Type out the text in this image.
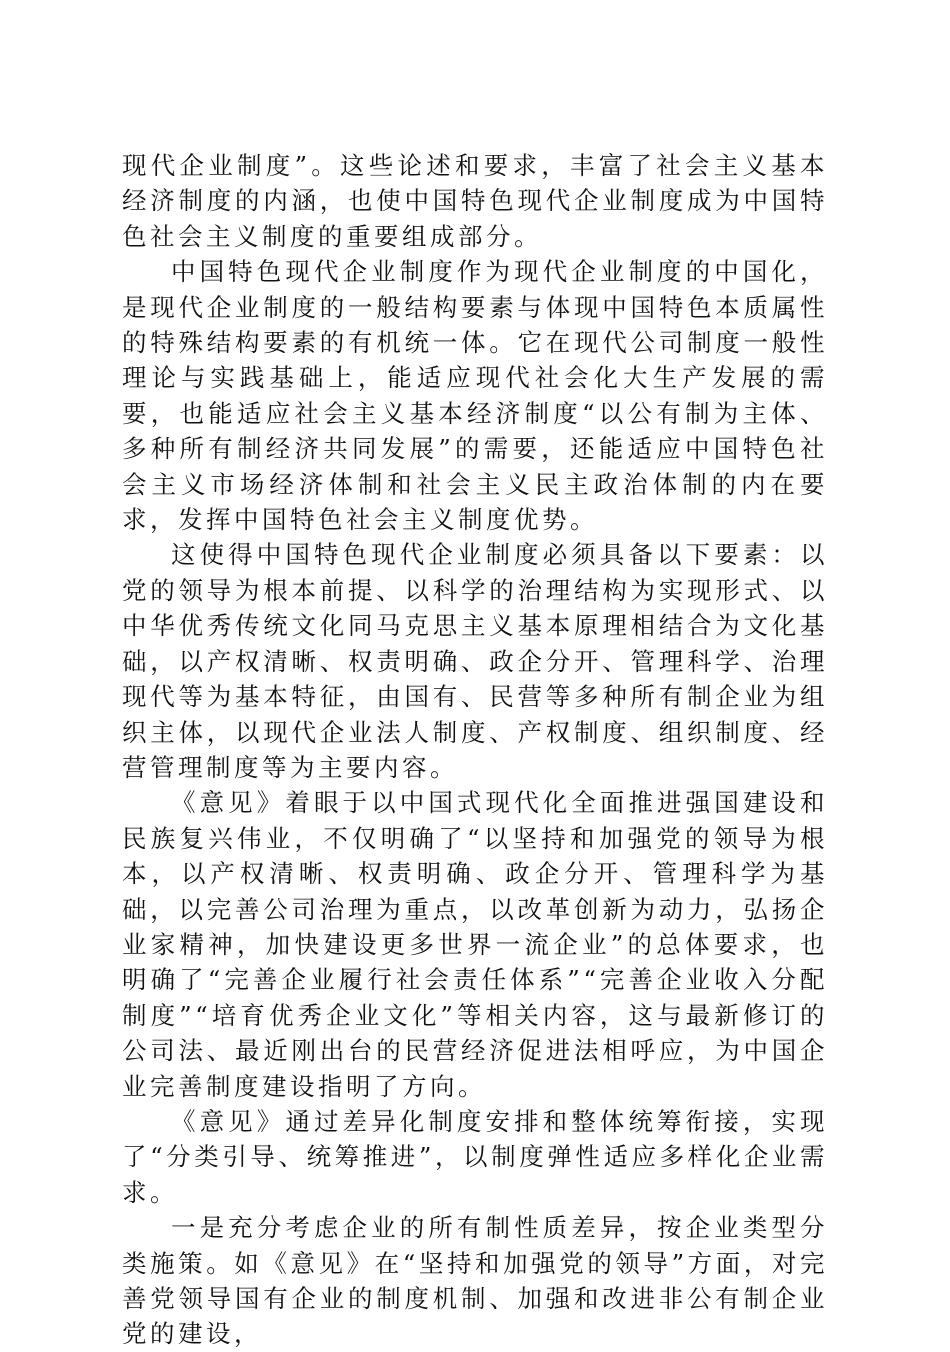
现代企业制度”。这些论述和要求，丰富了社会主义基本经济制度的内涵，也使中国特色现代企业制度成为中国特色社会主义制度的重要组成部分。

中国特色现代企业制度作为现代企业制度的中国化，是现代企业制度的一般结构要素与体现中国特色本质属性的特殊结构要素的有机统一体。它在现代公司制度一般性理论与实践基础上，能适应现代社会化大生产发展的需要，也能适应社会主义基本经济制度“以公有制为主体、多种所有制经济共同发展”的需要，还能适应中国特色社会主义市场经济体制和社会主义民主政治体制的内在要求，发挥中国特色社会主义制度优势。

这使得中国特色现代企业制度必须具备以下要素：以党的领导为根本前提、以科学的治理结构为实现形式、以中华优秀传统文化同马克思主义基本原理相结合为文化基础，以产权清晰、权责明确、政企分开、管理科学、治理现代等为基本特征，由国有、民营等多种所有制企业为组织主体，以现代企业法人制度、产权制度、组织制度、经营管理制度等为主要内容。

《意见》着眼于以中国式现代化全面推进强国建设和民族复兴伟业，不仅明确了“以坚持和加强党的领导为根本，以产权清晰、权责明确、政企分开、管理科学为基础，以完善公司治理为重点，以改革创新为动力，弘扬企业家精神，加快建设更多世界一流企业”的总体要求，也明确了“完善企业履行社会责任体系”“完善企业收入分配制度”“培育优秀企业文化”等相关内容，这与最新修订的公司法、最近刚出台的民营经济促进法相呼应，为中国企业完善制度建设指明了方向。

《意见》通过差异化制度安排和整体统筹衔接，实现了“分类引导、统筹推进”，以制度弹性适应多样化企业需求。

一是充分考虑企业的所有制性质差异，按企业类型分类施策。如《意见》在“坚持和加强党的领导”方面，对完善党领导国有企业的制度机制、加强和改进非公有制企业党的建设，
